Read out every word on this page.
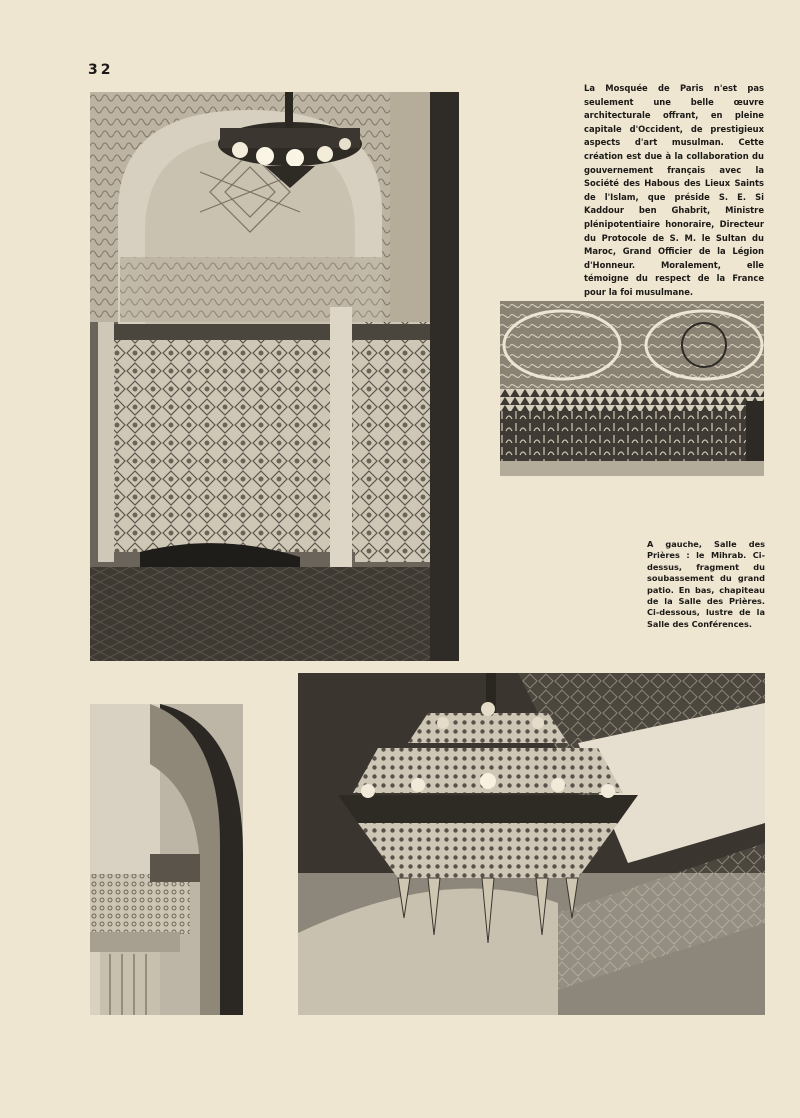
32

La Mosquée de Paris n'est pas seulement une belle œuvre architecturale offrant, en pleine capitale d'Occident, de prestigieux aspects d'art musulman. Cette création est due à la collaboration du gouvernement français avec la Société des Habous des Lieux Saints de l'Islam, que préside S. E. Si Kaddour ben Ghabrit, Ministre plénipotentiaire honoraire, Directeur du Protocole de S. M. le Sultan du Maroc, Grand Officier de la Légion d'Honneur. Moralement, elle témoigne du respect de la France pour la foi musulmane.

A gauche, Salle des Prières : le Mihrab. Ci-dessus, fragment du soubassement du grand patio. En bas, chapiteau de la Salle des Prières. Ci-dessous, lustre de la Salle des Conférences.
